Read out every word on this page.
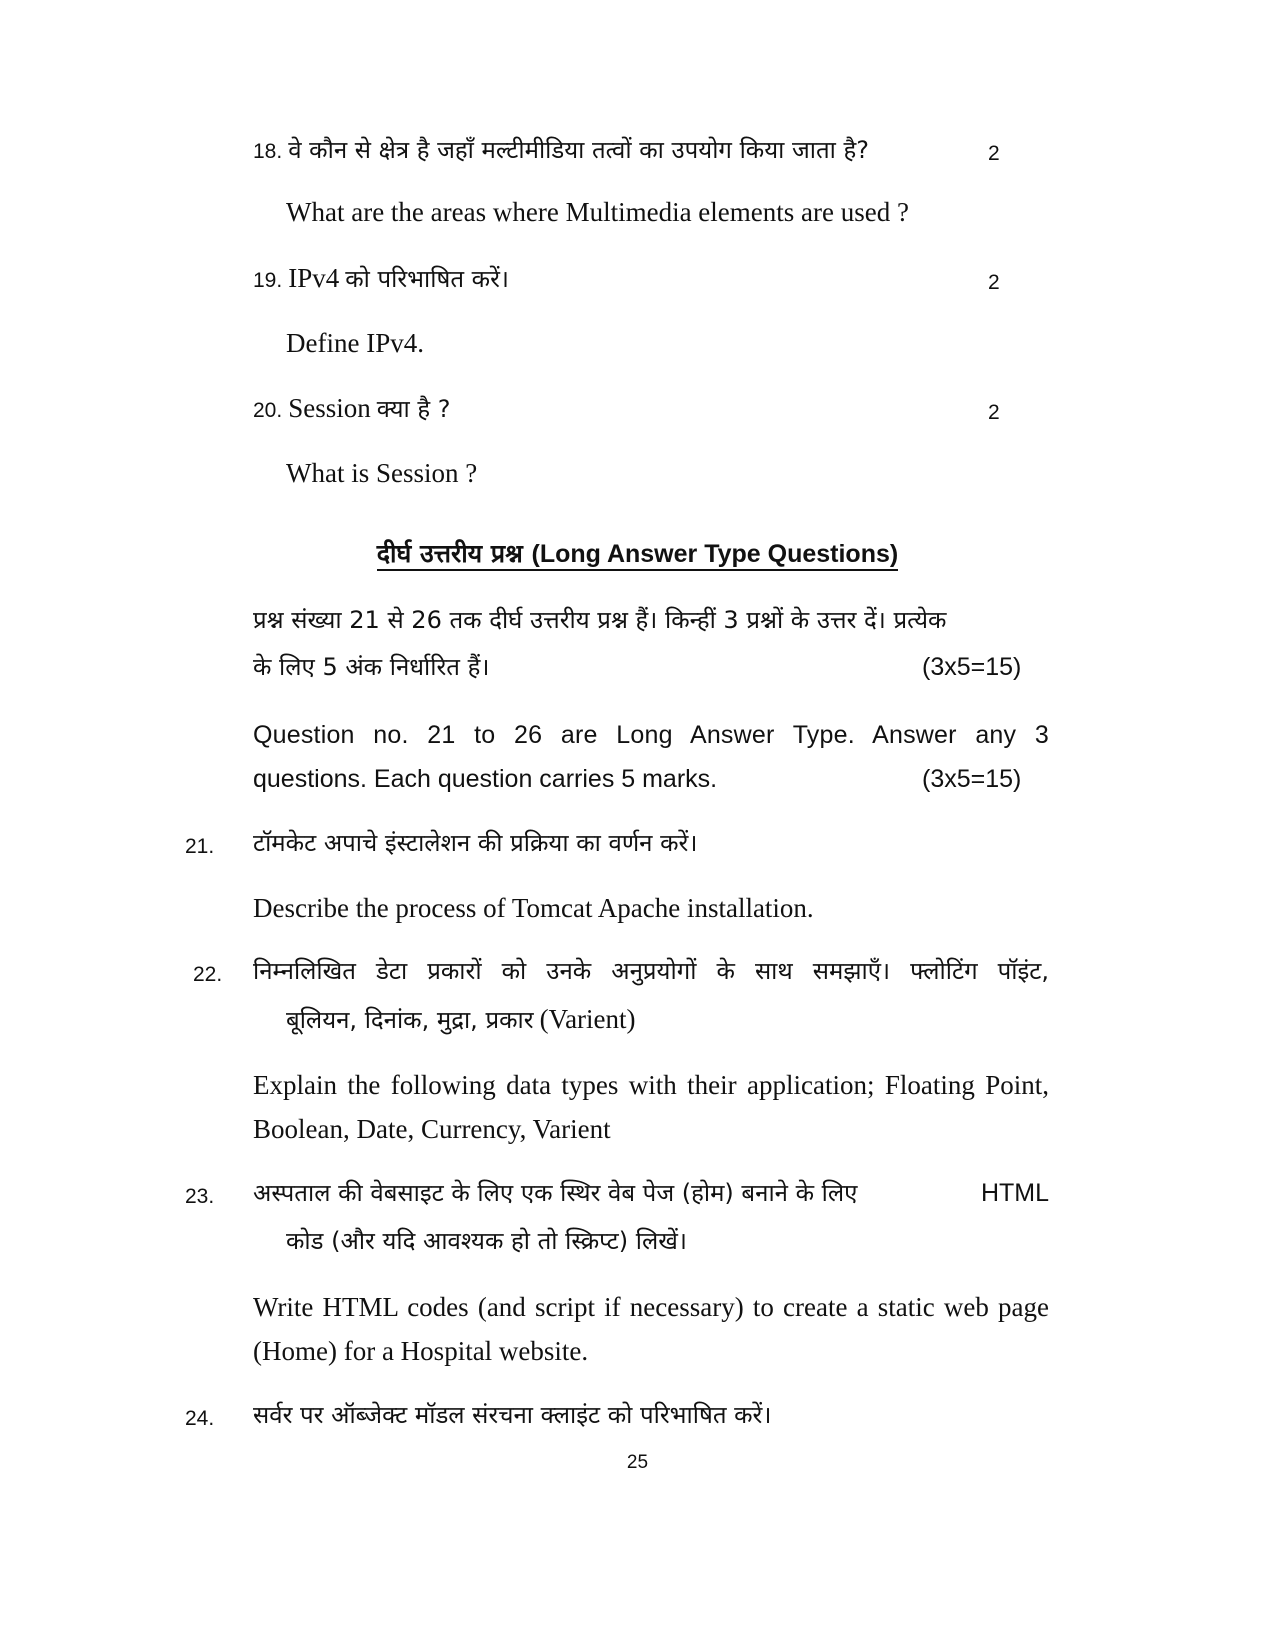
18. वे कौन से क्षेत्र है जहाँ मल्टीमीडिया तत्वों का उपयोग किया जाता है?	2
What are the areas where Multimedia elements are used ?
19. IPv4 को परिभाषित करें।	2
Define IPv4.
20. Session क्या है ?	2
What is Session ?
दीर्घ उत्तरीय प्रश्न (Long Answer Type Questions)
प्रश्न संख्या 21 से 26 तक दीर्घ उत्तरीय प्रश्न हैं। किन्हीं 3 प्रश्नों के उत्तर दें। प्रत्येक
के लिए 5 अंक निर्धारित हैं।	(3x5=15)
Question no. 21 to 26 are Long Answer Type. Answer any 3
questions. Each question carries 5 marks.	(3x5=15)
21. टॉमकेट अपाचे इंस्टालेशन की प्रक्रिया का वर्णन करें।
Describe the process of Tomcat Apache installation.
22. निम्नलिखित डेटा प्रकारों को उनके अनुप्रयोगों के साथ समझाएँ। फ्लोटिंग पॉइंट,
बूलियन, दिनांक, मुद्रा, प्रकार (Varient)
Explain the following data types with their application; Floating Point,
Boolean, Date, Currency, Varient
23. अस्पताल की वेबसाइट के लिए एक स्थिर वेब पेज (होम) बनाने के लिए	HTML
कोड (और यदि आवश्यक हो तो स्क्रिप्ट) लिखें।
Write HTML codes (and script if necessary) to create a static web page
(Home) for a Hospital website.
24. सर्वर पर ऑब्जेक्ट मॉडल संरचना क्लाइंट को परिभाषित करें।
25
